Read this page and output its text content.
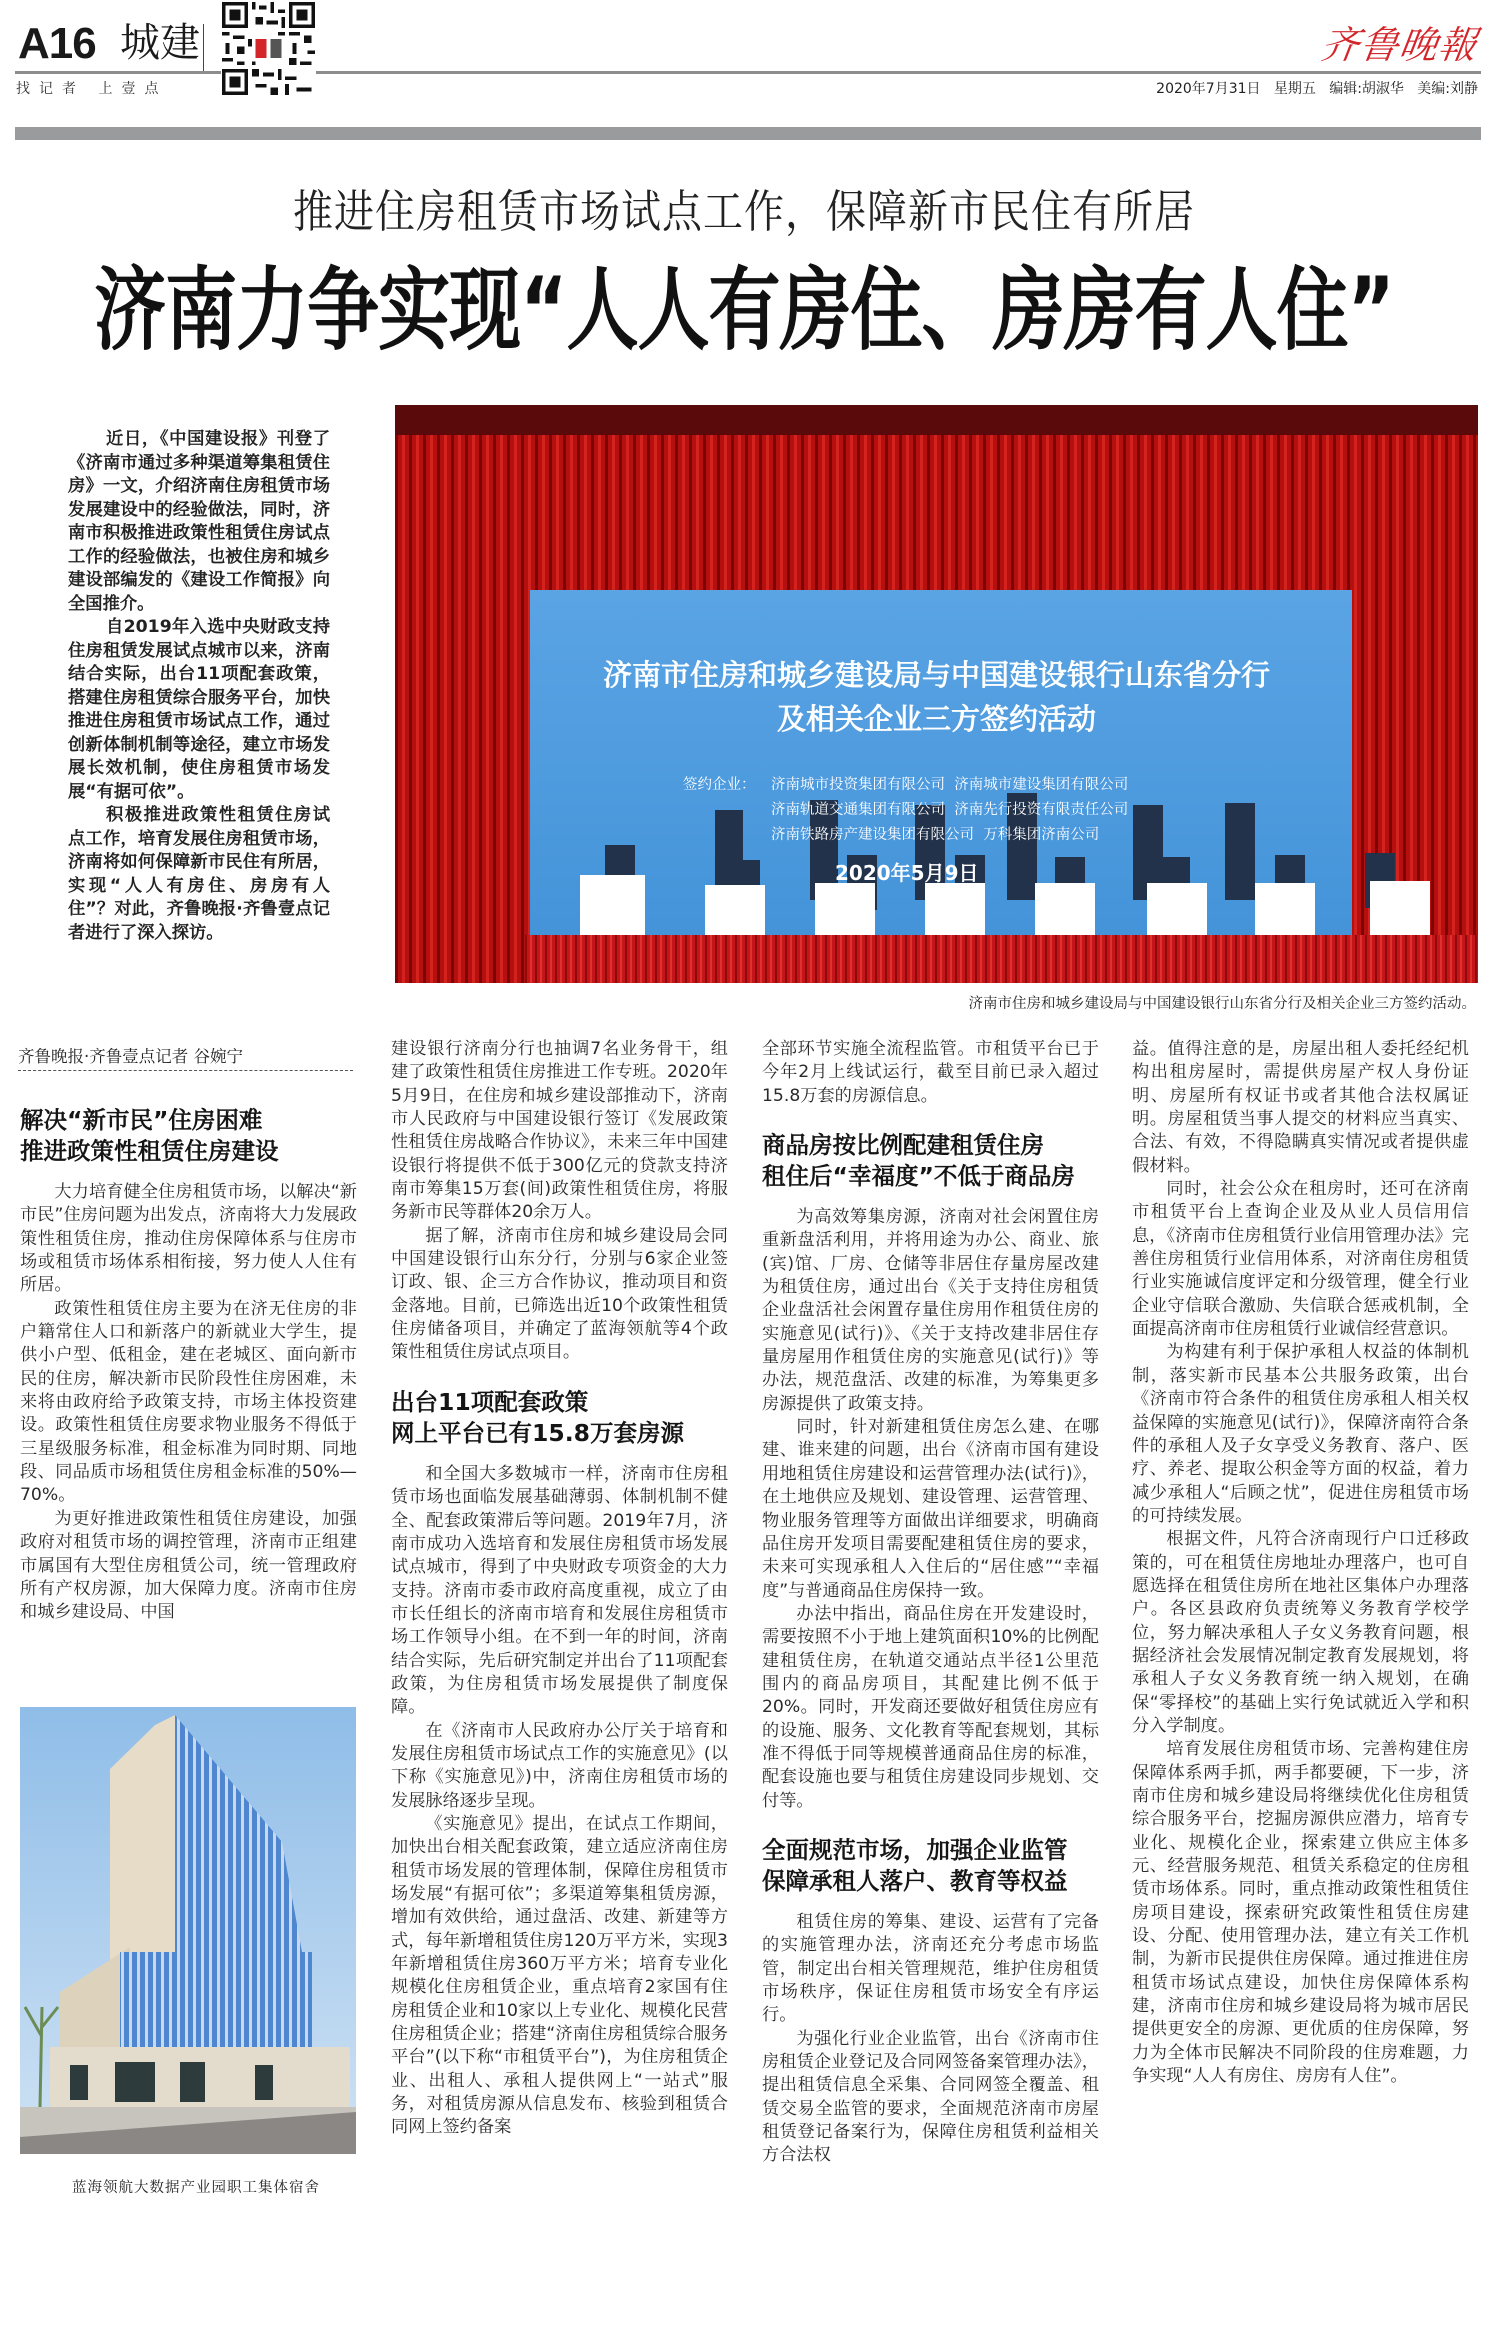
A16 城建
找记者 上壹点
齐鲁晚報
2020年7月31日   星期五   编辑:胡淑华   美编:刘静
推进住房租赁市场试点工作，保障新市民住有所居
济南力争实现“人人有房住、房房有人住”

近日，《中国建设报》刊登了《济南市通过多种渠道筹集租赁住房》一文，介绍济南住房租赁市场发展建设中的经验做法，同时，济南市积极推进政策性租赁住房试点工作的经验做法，也被住房和城乡建设部编发的《建设工作简报》向全国推介。

自2019年入选中央财政支持住房租赁发展试点城市以来，济南结合实际，出台11项配套政策，搭建住房租赁综合服务平台，加快推进住房租赁市场试点工作，通过创新体制机制等途径，建立市场发展长效机制，使住房租赁市场发展“有据可依”。

积极推进政策性租赁住房试点工作，培育发展住房租赁市场，济南将如何保障新市民住有所居，实现“人人有房住、房房有人住”？对此，齐鲁晚报·齐鲁壹点记者进行了深入探访。

济南市住房和城乡建设局与中国建设银行山东省分行
及相关企业三方签约活动
签约企业： 济南城市投资集团有限公司  济南城市建设集团有限公司
济南轨道交通集团有限公司  济南先行投资有限责任公司
济南铁路房产建设集团有限公司  万科集团济南公司
2020年5月9日
济南市住房和城乡建设局与中国建设银行山东省分行及相关企业三方签约活动。
齐鲁晚报·齐鲁壹点记者 谷婉宁
解决“新市民”住房困难
推进政策性租赁住房建设

大力培育健全住房租赁市场，以解决“新市民”住房问题为出发点，济南将大力发展政策性租赁住房，推动住房保障体系与住房市场或租赁市场体系相衔接，努力使人人住有所居。

政策性租赁住房主要为在济无住房的非户籍常住人口和新落户的新就业大学生，提供小户型、低租金，建在老城区、面向新市民的住房，解决新市民阶段性住房困难，未来将由政府给予政策支持，市场主体投资建设。政策性租赁住房要求物业服务不得低于三星级服务标准，租金标准为同时期、同地段、同品质市场租赁住房租金标准的50%—70%。

为更好推进政策性租赁住房建设，加强政府对租赁市场的调控管理，济南市正组建市属国有大型住房租赁公司，统一管理政府所有产权房源，加大保障力度。济南市住房和城乡建设局、中国

蓝海领航大数据产业园职工集体宿舍

建设银行济南分行也抽调7名业务骨干，组建了政策性租赁住房推进工作专班。2020年5月9日，在住房和城乡建设部推动下，济南市人民政府与中国建设银行签订《发展政策性租赁住房战略合作协议》，未来三年中国建设银行将提供不低于300亿元的贷款支持济南市筹集15万套(间)政策性租赁住房，将服务新市民等群体20余万人。

据了解，济南市住房和城乡建设局会同中国建设银行山东分行，分别与6家企业签订政、银、企三方合作协议，推动项目和资金落地。目前，已筛选出近10个政策性租赁住房储备项目，并确定了蓝海领航等4个政策性租赁住房试点项目。

出台11项配套政策
网上平台已有15.8万套房源

和全国大多数城市一样，济南市住房租赁市场也面临发展基础薄弱、体制机制不健全、配套政策滞后等问题。2019年7月，济南市成功入选培育和发展住房租赁市场发展试点城市，得到了中央财政专项资金的大力支持。济南市委市政府高度重视，成立了由市长任组长的济南市培育和发展住房租赁市场工作领导小组。在不到一年的时间，济南结合实际，先后研究制定并出台了11项配套政策，为住房租赁市场发展提供了制度保障。

在《济南市人民政府办公厅关于培育和发展住房租赁市场试点工作的实施意见》(以下称《实施意见》)中，济南住房租赁市场的发展脉络逐步呈现。

《实施意见》提出，在试点工作期间，加快出台相关配套政策，建立适应济南住房租赁市场发展的管理体制，保障住房租赁市场发展“有据可依”；多渠道筹集租赁房源，增加有效供给，通过盘活、改建、新建等方式，每年新增租赁住房120万平方米，实现3年新增租赁住房360万平方米；培育专业化规模化住房租赁企业，重点培育2家国有住房租赁企业和10家以上专业化、规模化民营住房租赁企业；搭建“济南住房租赁综合服务平台”(以下称“市租赁平台”)，为住房租赁企业、出租人、承租人提供网上“一站式”服务，对租赁房源从信息发布、核验到租赁合同网上签约备案

全部环节实施全流程监管。市租赁平台已于今年2月上线试运行，截至目前已录入超过15.8万套的房源信息。

商品房按比例配建租赁住房
租住后“幸福度”不低于商品房

为高效筹集房源，济南对社会闲置住房重新盘活利用，并将用途为办公、商业、旅(宾)馆、厂房、仓储等非居住存量房屋改建为租赁住房，通过出台《关于支持住房租赁企业盘活社会闲置存量住房用作租赁住房的实施意见(试行)》、《关于支持改建非居住存量房屋用作租赁住房的实施意见(试行)》等办法，规范盘活、改建的标准，为筹集更多房源提供了政策支持。

同时，针对新建租赁住房怎么建、在哪建、谁来建的问题，出台《济南市国有建设用地租赁住房建设和运营管理办法(试行)》，在土地供应及规划、建设管理、运营管理、物业服务管理等方面做出详细要求，明确商品住房开发项目需要配建租赁住房的要求，未来可实现承租人入住后的“居住感”“幸福度”与普通商品住房保持一致。

办法中指出，商品住房在开发建设时，需要按照不小于地上建筑面积10%的比例配建租赁住房，在轨道交通站点半径1公里范围内的商品房项目，其配建比例不低于20%。同时，开发商还要做好租赁住房应有的设施、服务、文化教育等配套规划，其标准不得低于同等规模普通商品住房的标准，配套设施也要与租赁住房建设同步规划、交付等。

全面规范市场，加强企业监管
保障承租人落户、教育等权益

租赁住房的筹集、建设、运营有了完备的实施管理办法，济南还充分考虑市场监管，制定出台相关管理规范，维护住房租赁市场秩序，保证住房租赁市场安全有序运行。

为强化行业企业监管，出台《济南市住房租赁企业登记及合同网签备案管理办法》，提出租赁信息全采集、合同网签全覆盖、租赁交易全监管的要求，全面规范济南市房屋租赁登记备案行为，保障住房租赁利益相关方合法权

益。值得注意的是，房屋出租人委托经纪机构出租房屋时，需提供房屋产权人身份证明、房屋所有权证书或者其他合法权属证明。房屋租赁当事人提交的材料应当真实、合法、有效，不得隐瞒真实情况或者提供虚假材料。

同时，社会公众在租房时，还可在济南市租赁平台上查询企业及从业人员信用信息，《济南市住房租赁行业信用管理办法》完善住房租赁行业信用体系，对济南住房租赁行业实施诚信度评定和分级管理，健全行业企业守信联合激励、失信联合惩戒机制，全面提高济南市住房租赁行业诚信经营意识。

为构建有利于保护承租人权益的体制机制，落实新市民基本公共服务政策，出台《济南市符合条件的租赁住房承租人相关权益保障的实施意见(试行)》，保障济南符合条件的承租人及子女享受义务教育、落户、医疗、养老、提取公积金等方面的权益，着力减少承租人“后顾之忧”，促进住房租赁市场的可持续发展。

根据文件，凡符合济南现行户口迁移政策的，可在租赁住房地址办理落户，也可自愿选择在租赁住房所在地社区集体户办理落户。各区县政府负责统筹义务教育学校学位，努力解决承租人子女义务教育问题，根据经济社会发展情况制定教育发展规划，将承租人子女义务教育统一纳入规划，在确保“零择校”的基础上实行免试就近入学和积分入学制度。

培育发展住房租赁市场、完善构建住房保障体系两手抓，两手都要硬，下一步，济南市住房和城乡建设局将继续优化住房租赁综合服务平台，挖掘房源供应潜力，培育专业化、规模化企业，探索建立供应主体多元、经营服务规范、租赁关系稳定的住房租赁市场体系。同时，重点推动政策性租赁住房项目建设，探索研究政策性租赁住房建设、分配、使用管理办法，建立有关工作机制，为新市民提供住房保障。通过推进住房租赁市场试点建设，加快住房保障体系构建，济南市住房和城乡建设局将为城市居民提供更安全的房源、更优质的住房保障，努力为全体市民解决不同阶段的住房难题，力争实现“人人有房住、房房有人住”。
